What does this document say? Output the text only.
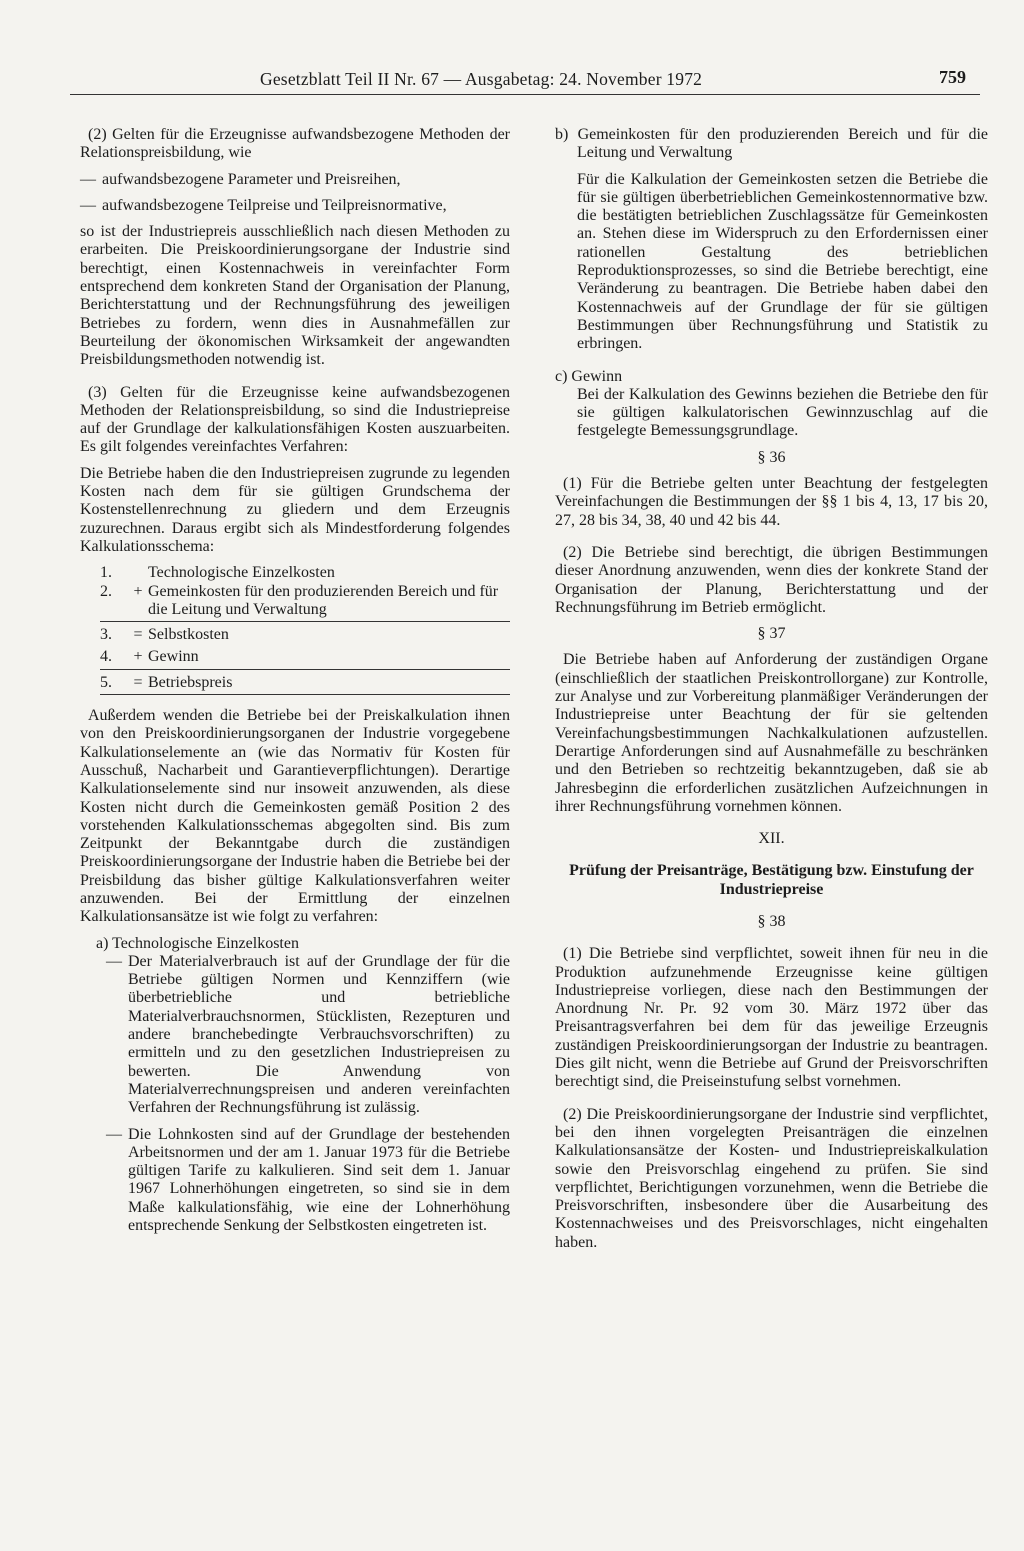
Gesetzblatt Teil II Nr. 67 — Ausgabetag: 24. November 1972	759

(2) Gelten für die Erzeugnisse aufwandsbezogene Methoden der Relationspreisbildung, wie

— aufwandsbezogene Parameter und Preisreihen,
— aufwandsbezogene Teilpreise und Teilpreisnormative,

so ist der Industriepreis ausschließlich nach diesen Methoden zu erarbeiten. Die Preiskoordinierungsorgane der Industrie sind berechtigt, einen Kostennachweis in vereinfachter Form entsprechend dem konkreten Stand der Organisation der Planung, Berichterstattung und der Rechnungsführung des jeweiligen Betriebes zu fordern, wenn dies in Ausnahmefällen zur Beurteilung der ökonomischen Wirksamkeit der angewandten Preisbildungsmethoden notwendig ist.

(3) Gelten für die Erzeugnisse keine aufwandsbezogenen Methoden der Relationspreisbildung, so sind die Industriepreise auf der Grundlage der kalkulationsfähigen Kosten auszuarbeiten. Es gilt folgendes vereinfachtes Verfahren:

Die Betriebe haben die den Industriepreisen zugrunde zu legenden Kosten nach dem für sie gültigen Grundschema der Kostenstellenrechnung zu gliedern und dem Erzeugnis zuzurechnen. Daraus ergibt sich als Mindestforderung folgendes Kalkulationsschema:

1.	Technologische Einzelkosten
2.	+ Gemeinkosten für den produzierenden Bereich und für die Leitung und Verwaltung
3.	= Selbstkosten
4.	+ Gewinn
5.	= Betriebspreis

Außerdem wenden die Betriebe bei der Preiskalkulation ihnen von den Preiskoordinierungsorganen der Industrie vorgegebene Kalkulationselemente an (wie das Normativ für Kosten für Ausschuß, Nacharbeit und Garantieverpflichtungen). Derartige Kalkulationselemente sind nur insoweit anzuwenden, als diese Kosten nicht durch die Gemeinkosten gemäß Position 2 des vorstehenden Kalkulationsschemas abgegolten sind. Bis zum Zeitpunkt der Bekanntgabe durch die zuständigen Preiskoordinierungsorgane der Industrie haben die Betriebe bei der Preisbildung das bisher gültige Kalkulationsverfahren weiter anzuwenden. Bei der Ermittlung der einzelnen Kalkulationsansätze ist wie folgt zu verfahren:

a) Technologische Einzelkosten

— Der Materialverbrauch ist auf der Grundlage der für die Betriebe gültigen Normen und Kennziffern (wie überbetriebliche und betriebliche Materialverbrauchsnormen, Stücklisten, Rezepturen und andere branchebedingte Verbrauchsvorschriften) zu ermitteln und zu den gesetzlichen Industriepreisen zu bewerten. Die Anwendung von Materialverrechnungspreisen und anderen vereinfachten Verfahren der Rechnungsführung ist zulässig.
— Die Lohnkosten sind auf der Grundlage der bestehenden Arbeitsnormen und der am 1. Januar 1973 für die Betriebe gültigen Tarife zu kalkulieren. Sind seit dem 1. Januar 1967 Lohnerhöhungen eingetreten, so sind sie in dem Maße kalkulationsfähig, wie eine der Lohnerhöhung entsprechende Senkung der Selbstkosten eingetreten ist.

b) Gemeinkosten für den produzierenden Bereich und für die Leitung und Verwaltung

Für die Kalkulation der Gemeinkosten setzen die Betriebe die für sie gültigen überbetrieblichen Gemeinkostennormative bzw. die bestätigten betrieblichen Zuschlagssätze für Gemeinkosten an. Stehen diese im Widerspruch zu den Erfordernissen einer rationellen Gestaltung des betrieblichen Reproduktionsprozesses, so sind die Betriebe berechtigt, eine Veränderung zu beantragen. Die Betriebe haben dabei den Kostennachweis auf der Grundlage der für sie gültigen Bestimmungen über Rechnungsführung und Statistik zu erbringen.

c) Gewinn

Bei der Kalkulation des Gewinns beziehen die Betriebe den für sie gültigen kalkulatorischen Gewinnzuschlag auf die festgelegte Bemessungsgrundlage.

§ 36

(1) Für die Betriebe gelten unter Beachtung der festgelegten Vereinfachungen die Bestimmungen der §§ 1 bis 4, 13, 17 bis 20, 27, 28 bis 34, 38, 40 und 42 bis 44.

(2) Die Betriebe sind berechtigt, die übrigen Bestimmungen dieser Anordnung anzuwenden, wenn dies der konkrete Stand der Organisation der Planung, Berichterstattung und der Rechnungsführung im Betrieb ermöglicht.

§ 37

Die Betriebe haben auf Anforderung der zuständigen Organe (einschließlich der staatlichen Preiskontrollorgane) zur Kontrolle, zur Analyse und zur Vorbereitung planmäßiger Veränderungen der Industriepreise unter Beachtung der für sie geltenden Vereinfachungsbestimmungen Nachkalkulationen aufzustellen. Derartige Anforderungen sind auf Ausnahmefälle zu beschränken und den Betrieben so rechtzeitig bekanntzugeben, daß sie ab Jahresbeginn die erforderlichen zusätzlichen Aufzeichnungen in ihrer Rechnungsführung vornehmen können.

XII.

Prüfung der Preisanträge, Bestätigung bzw. Einstufung der Industriepreise

§ 38

(1) Die Betriebe sind verpflichtet, soweit ihnen für neu in die Produktion aufzunehmende Erzeugnisse keine gültigen Industriepreise vorliegen, diese nach den Bestimmungen der Anordnung Nr. Pr. 92 vom 30. März 1972 über das Preisantragsverfahren bei dem für das jeweilige Erzeugnis zuständigen Preiskoordinierungsorgan der Industrie zu beantragen. Dies gilt nicht, wenn die Betriebe auf Grund der Preisvorschriften berechtigt sind, die Preiseinstufung selbst vornehmen.

(2) Die Preiskoordinierungsorgane der Industrie sind verpflichtet, bei den ihnen vorgelegten Preisanträgen die einzelnen Kalkulationsansätze der Kosten- und Industriepreiskalkulation sowie den Preisvorschlag eingehend zu prüfen. Sie sind verpflichtet, Berichtigungen vorzunehmen, wenn die Betriebe die Preisvorschriften, insbesondere über die Ausarbeitung des Kostennachweises und des Preisvorschlages, nicht eingehalten haben.
